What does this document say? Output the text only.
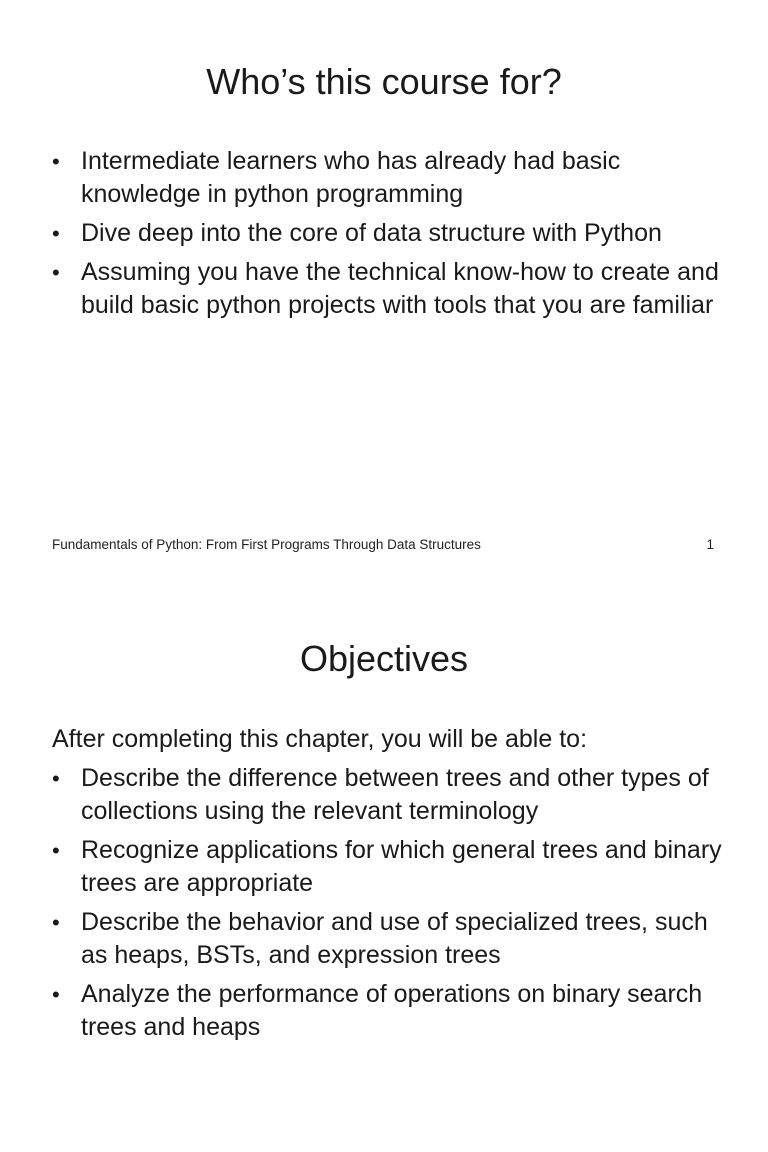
Who’s this course for?
• Intermediate learners who has already had basic knowledge in python programming
• Dive deep into the core of data structure with Python
• Assuming you have the technical know-how to create and build basic python projects with tools that you are familiar
Fundamentals of Python: From First Programs Through Data Structures	1
Objectives

After completing this chapter, you will be able to:

• Describe the difference between trees and other types of collections using the relevant terminology
• Recognize applications for which general trees and binary trees are appropriate
• Describe the behavior and use of specialized trees, such as heaps, BSTs, and expression trees
• Analyze the performance of operations on binary search trees and heaps
